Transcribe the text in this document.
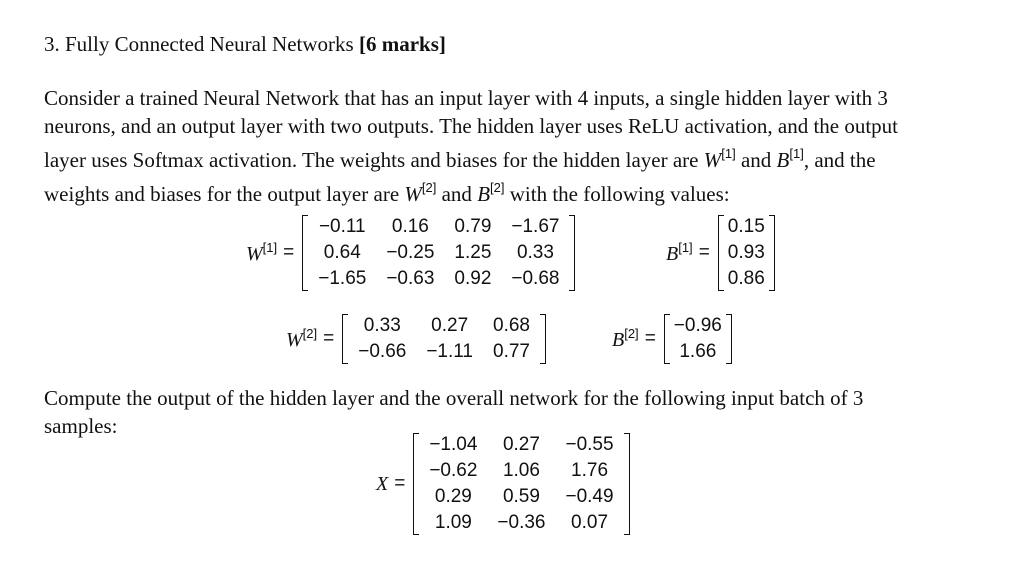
3. Fully Connected Neural Networks [6 marks]

Consider a trained Neural Network that has an input layer with 4 inputs, a single hidden layer with 3
neurons, and an output layer with two outputs. The hidden layer uses ReLU activation, and the output
layer uses Softmax activation. The weights and biases for the hidden layer are W[1] and B[1], and the
weights and biases for the output layer are W[2] and B[2] with the following values:

W[1] =
−0.11	0.16	0.79	−1.67
0.64	−0.25	1.25	0.33
−1.65	−0.63	0.92	−0.68
B[1] =
0.15
0.93
0.86
W[2] =
0.33	0.27	0.68
−0.66	−1.11	0.77
B[2] =
−0.96
1.66

Compute the output of the hidden layer and the overall network for the following input batch of 3
samples:

X =
−1.04	0.27	−0.55
−0.62	1.06	1.76
0.29	0.59	−0.49
1.09	−0.36	0.07
